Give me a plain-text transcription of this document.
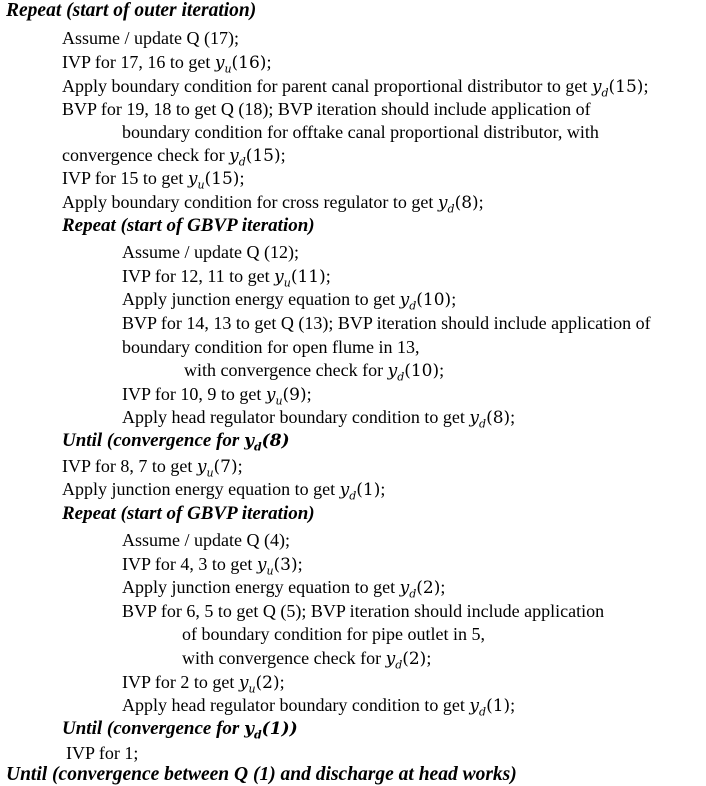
Repeat (start of outer iteration)
Assume / update Q (17);
IVP for 17, 16 to get $y_u(16)$;
Apply boundary condition for parent canal proportional distributor to get $y_d(15)$;
BVP for 19, 18 to get Q (18); BVP iteration should include application of
boundary condition for offtake canal proportional distributor, with
convergence check for $y_d(15)$;
IVP for 15 to get $y_u(15)$;
Apply boundary condition for cross regulator to get $y_d(8)$;
Repeat (start of GBVP iteration)
Assume / update Q (12);
IVP for 12, 11 to get $y_u(11)$;
Apply junction energy equation to get $y_d(10)$;
BVP for 14, 13 to get Q (13); BVP iteration should include application of
boundary condition for open flume in 13,
with convergence check for $y_d(10)$;
IVP for 10, 9 to get $y_u(9)$;
Apply head regulator boundary condition to get $y_d(8)$;
Until (convergence for $y_d(8)$
IVP for 8, 7 to get $y_u(7)$;
Apply junction energy equation to get $y_d(1)$;
Repeat (start of GBVP iteration)
Assume / update Q (4);
IVP for 4, 3 to get $y_u(3)$;
Apply junction energy equation to get $y_d(2)$;
BVP for 6, 5 to get Q (5); BVP iteration should include application
of boundary condition for pipe outlet in 5,
with convergence check for $y_d(2)$;
IVP for 2 to get $y_u(2)$;
Apply head regulator boundary condition to get $y_d(1)$;
Until (convergence for $y_d(1)$)
IVP for 1;
Until (convergence between Q (1) and discharge at head works)
